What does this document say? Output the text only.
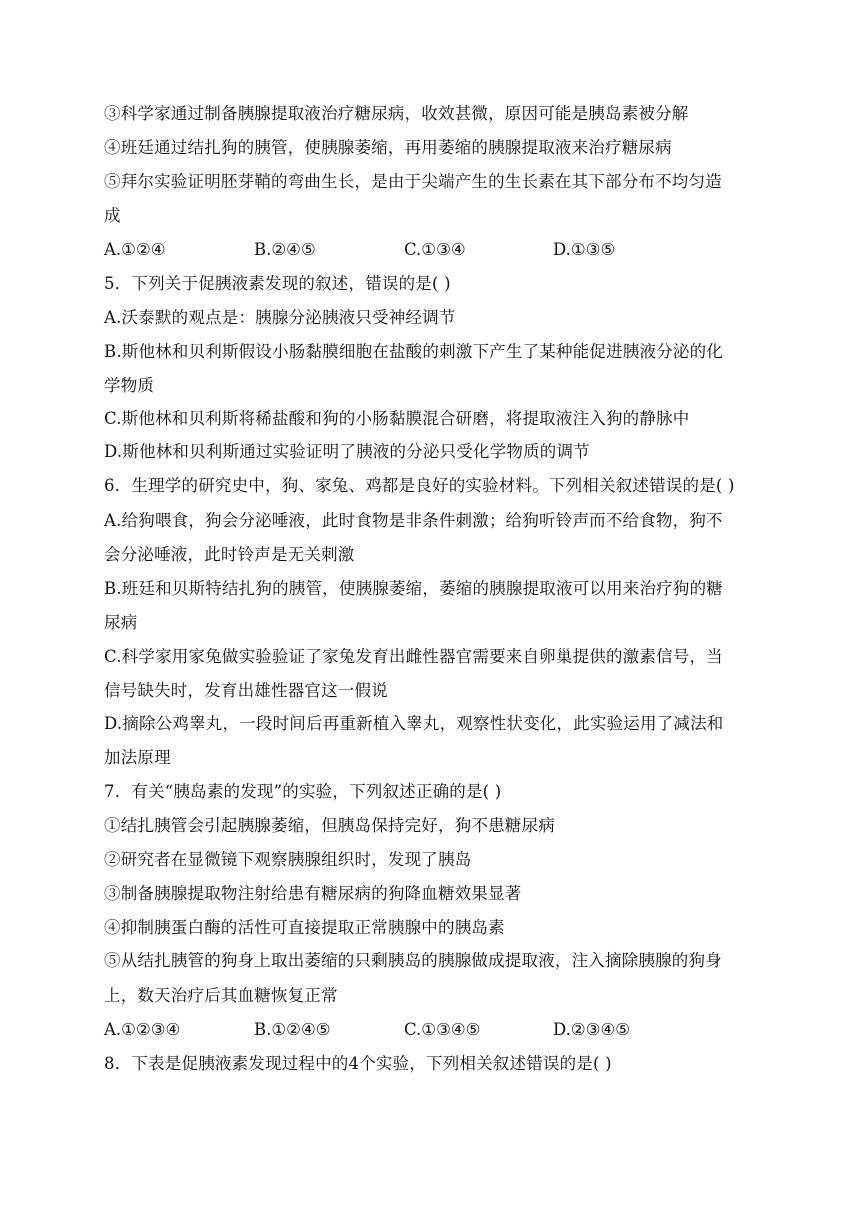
③科学家通过制备胰腺提取液治疗糖尿病，收效甚微，原因可能是胰岛素被分解
④班廷通过结扎狗的胰管，使胰腺萎缩，再用萎缩的胰腺提取液来治疗糖尿病
⑤拜尔实验证明胚芽鞘的弯曲生长，是由于尖端产生的生长素在其下部分布不均匀造
成
A.①②④	B.②④⑤	C.①③④	D.①③⑤
5．下列关于促胰液素发现的叙述，错误的是( )
A.沃泰默的观点是：胰腺分泌胰液只受神经调节
B.斯他林和贝利斯假设小肠黏膜细胞在盐酸的刺激下产生了某种能促进胰液分泌的化
学物质
C.斯他林和贝利斯将稀盐酸和狗的小肠黏膜混合研磨，将提取液注入狗的静脉中
D.斯他林和贝利斯通过实验证明了胰液的分泌只受化学物质的调节
6．生理学的研究史中，狗、家兔、鸡都是良好的实验材料。下列相关叙述错误的是( )
A.给狗喂食，狗会分泌唾液，此时食物是非条件刺激；给狗听铃声而不给食物，狗不
会分泌唾液，此时铃声是无关刺激
B.班廷和贝斯特结扎狗的胰管，使胰腺萎缩，萎缩的胰腺提取液可以用来治疗狗的糖
尿病
C.科学家用家兔做实验验证了家兔发育出雌性器官需要来自卵巢提供的激素信号，当
信号缺失时，发育出雄性器官这一假说
D.摘除公鸡睾丸，一段时间后再重新植入睾丸，观察性状变化，此实验运用了减法和
加法原理
7．有关“胰岛素的发现”的实验，下列叙述正确的是( )
①结扎胰管会引起胰腺萎缩，但胰岛保持完好，狗不患糖尿病
②研究者在显微镜下观察胰腺组织时，发现了胰岛
③制备胰腺提取物注射给患有糖尿病的狗降血糖效果显著
④抑制胰蛋白酶的活性可直接提取正常胰腺中的胰岛素
⑤从结扎胰管的狗身上取出萎缩的只剩胰岛的胰腺做成提取液，注入摘除胰腺的狗身
上，数天治疗后其血糖恢复正常
A.①②③④	B.①②④⑤	C.①③④⑤	D.②③④⑤
8．下表是促胰液素发现过程中的4个实验，下列相关叙述错误的是( )
